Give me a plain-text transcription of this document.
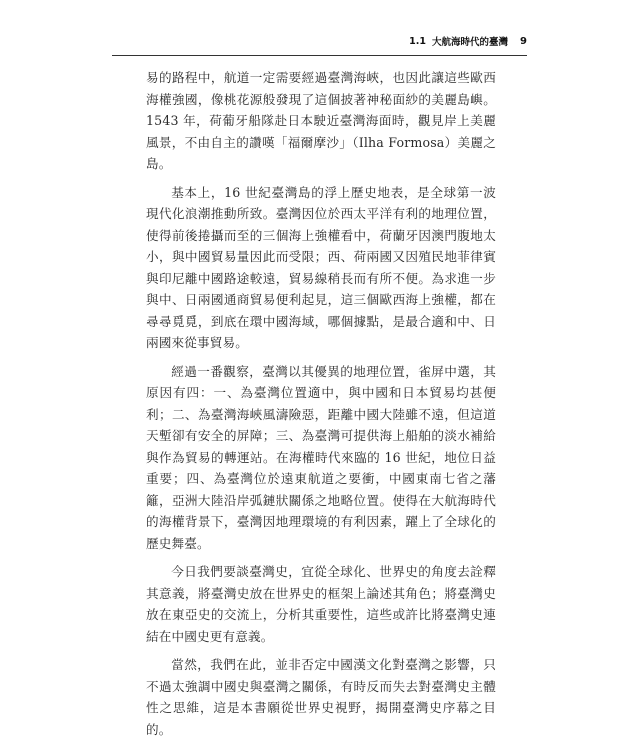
1.1 大航海時代的臺灣 9

易的路程中，航道一定需要經過臺灣海峽，也因此讓這些歐西海權強國，像桃花源般發現了這個披著神秘面紗的美麗島嶼。1543 年，荷葡牙船隊赴日本駛近臺灣海面時，觀見岸上美麗風景，不由自主的讚嘆「福爾摩沙」（Ilha Formosa）美麗之島。

基本上，16 世紀臺灣島的浮上歷史地表，是全球第一波現代化浪潮推動所致。臺灣因位於西太平洋有利的地理位置，使得前後捲攝而至的三個海上強權看中，荷蘭牙因澳門腹地太小，與中國貿易量因此而受限；西、荷兩國又因殖民地菲律賓與印尼離中國路途較遠，貿易線稍長而有所不便。為求進一步與中、日兩國通商貿易便利起見，這三個歐西海上強權，都在尋尋覓覓，到底在環中國海域，哪個據點，是最合適和中、日兩國來從事貿易。

經過一番觀察，臺灣以其優異的地理位置，雀屏中選，其原因有四：一、為臺灣位置適中，與中國和日本貿易均甚便利；二、為臺灣海峽風濤險惡，距離中國大陸雖不遠，但這道天塹卻有安全的屏障；三、為臺灣可提供海上船舶的淡水補給與作為貿易的轉運站。在海權時代來臨的 16 世紀，地位日益重要；四、為臺灣位於遠東航道之要衝，中國東南七省之藩籬，亞洲大陸沿岸弧鏈狀關係之地略位置。使得在大航海時代的海權背景下，臺灣因地理環境的有利因素，躍上了全球化的歷史舞臺。

今日我們要談臺灣史，宜從全球化、世界史的角度去詮釋其意義，將臺灣史放在世界史的框架上論述其角色；將臺灣史放在東亞史的交流上，分析其重要性，這些或許比將臺灣史連結在中國史更有意義。

當然，我們在此，並非否定中國漢文化對臺灣之影響，只不過太強調中國史與臺灣之關係，有時反而失去對臺灣史主體性之思維，這是本書願從世界史視野，揭開臺灣史序幕之目的。
